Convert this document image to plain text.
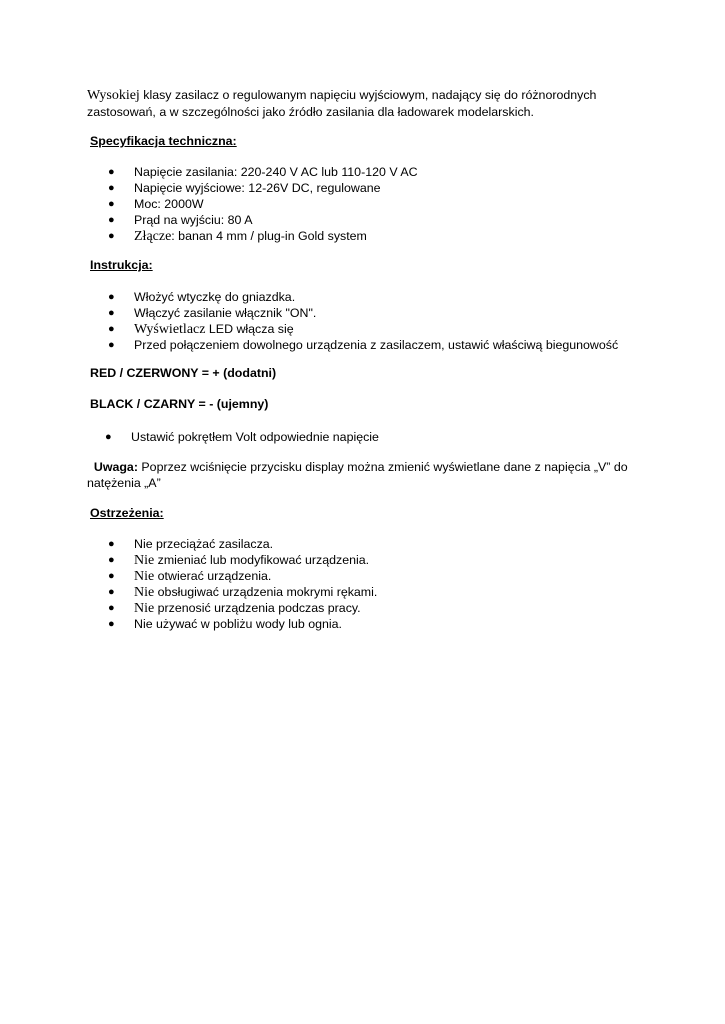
Wysokiej klasy zasilacz o regulowanym napięciu wyjściowym, nadający się do różnorodnych zastosowań, a w szczególności jako źródło zasilania dla ładowarek modelarskich.
Specyfikacja techniczna:
● Napięcie zasilania: 220-240 V AC lub 110-120 V AC
● Napięcie wyjściowe: 12-26V DC, regulowane
● Moc: 2000W
● Prąd na wyjściu: 80 A
● Złącze: banan 4 mm / plug-in Gold system
Instrukcja:
● Włożyć wtyczkę do gniazdka.
● Włączyć zasilanie włącznik "ON".
● Wyświetlacz LED włącza się
● Przed połączeniem dowolnego urządzenia z zasilaczem, ustawić właściwą biegunowość
RED / CZERWONY = + (dodatni)
BLACK / CZARNY = - (ujemny)
● Ustawić pokrętłem Volt odpowiednie napięcie
Uwaga: Poprzez wciśnięcie przycisku display można zmienić wyświetlane dane z napięcia „V” do natężenia „A”
Ostrzeżenia:
● Nie przeciążać zasilacza.
● Nie zmieniać lub modyfikować urządzenia.
● Nie otwierać urządzenia.
● Nie obsługiwać urządzenia mokrymi rękami.
● Nie przenosić urządzenia podczas pracy.
● Nie używać w pobliżu wody lub ognia.
